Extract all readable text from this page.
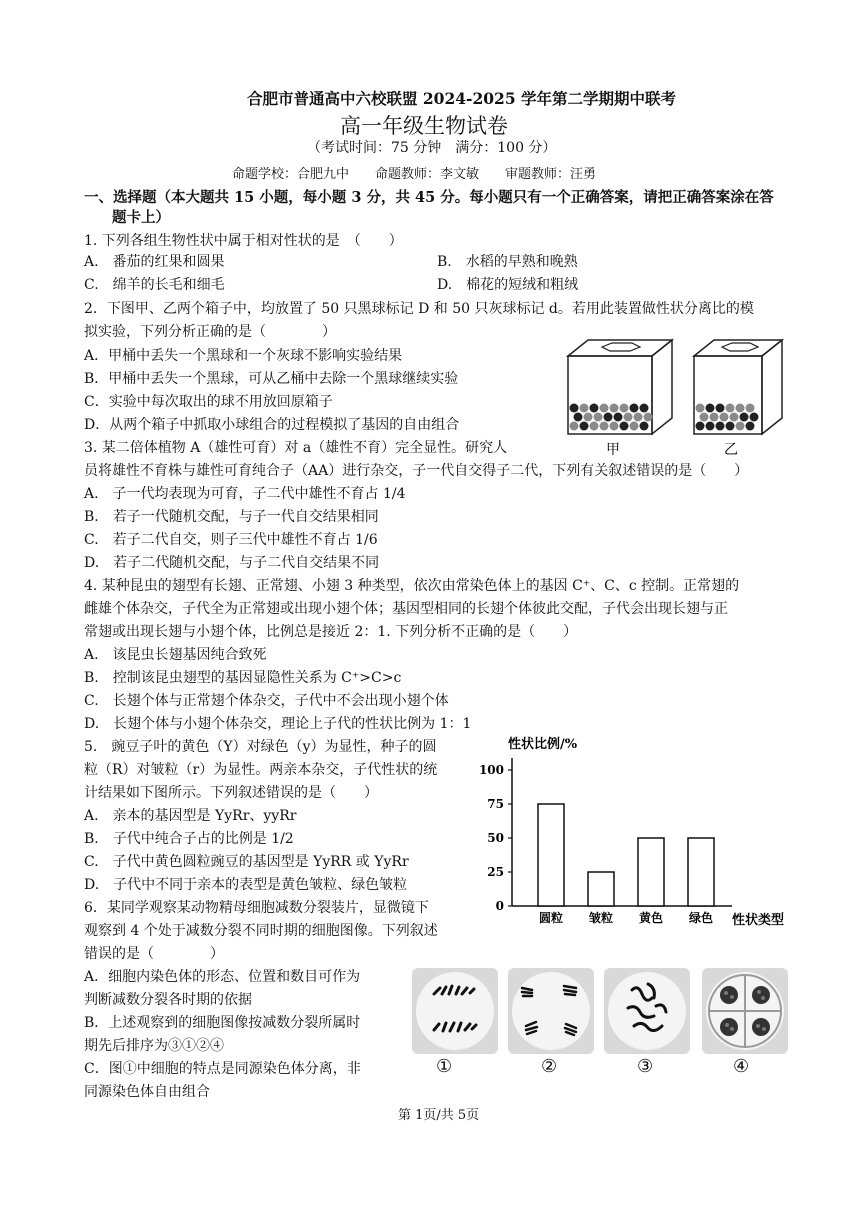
合肥市普通高中六校联盟 2024-2025 学年第二学期期中联考
高一年级生物试卷
（考试时间：75 分钟　满分：100 分）
命题学校：合肥九中　　命题教师：李文敏　　审题教师：汪勇
一、选择题（本大题共 15 小题，每小题 3 分，共 45 分。每小题只有一个正确答案，请把正确答案涂在答
题卡上）
1. 下列各组生物性状中属于相对性状的是　（　　）
A.　番茄的红果和圆果	B.　水稻的早熟和晚熟
C.　绵羊的长毛和细毛	D.　棉花的短绒和粗绒
2．下图甲、乙两个箱子中，均放置了 50 只黑球标记 D 和 50 只灰球标记 d。若用此装置做性状分离比的模
拟实验，下列分析正确的是（　　　　）
A．甲桶中丢失一个黑球和一个灰球不影响实验结果
B．甲桶中丢失一个黑球，可从乙桶中去除一个黑球继续实验
C．实验中每次取出的球不用放回原箱子
D．从两个箱子中抓取小球组合的过程模拟了基因的自由组合
甲	乙
3. 某二倍体植物 A（雄性可育）对 a（雄性不育）完全显性。研究人
员将雄性不育株与雄性可育纯合子（AA）进行杂交，子一代自交得子二代，下列有关叙述错误的是（　　）
A.　子一代均表现为可育，子二代中雄性不育占 1/4
B.　若子一代随机交配，与子一代自交结果相同
C.　若子二代自交，则子三代中雄性不育占 1/6
D.　若子二代随机交配，与子二代自交结果不同
4. 某种昆虫的翅型有长翅、正常翅、小翅 3 种类型，依次由常染色体上的基因 C⁺、C、c 控制。正常翅的
雌雄个体杂交，子代全为正常翅或出现小翅个体；基因型相同的长翅个体彼此交配，子代会出现长翅与正
常翅或出现长翅与小翅个体，比例总是接近 2：1. 下列分析不正确的是（　　）
A.　该昆虫长翅基因纯合致死
B.　控制该昆虫翅型的基因显隐性关系为 C⁺>C>c
C.　长翅个体与正常翅个体杂交，子代中不会出现小翅个体
D.　长翅个体与小翅个体杂交，理论上子代的性状比例为 1：1
5.　豌豆子叶的黄色（Y）对绿色（y）为显性，种子的圆
粒（R）对皱粒（r）为显性。两亲本杂交，子代性状的统
计结果如下图所示。下列叙述错误的是（　　）
A.　亲本的基因型是 YyRr、yyRr
B.　子代中纯合子占的比例是 1/2
C.　子代中黄色圆粒豌豆的基因型是 YyRR 或 YyRr
D.　子代中不同于亲本的表型是黄色皱粒、绿色皱粒
性状比例/%
性状类型
100
75
50
25
0
圆粒 皱粒 黄色 绿色
6．某同学观察某动物精母细胞减数分裂装片，显微镜下
观察到 4 个处于减数分裂不同时期的细胞图像。下列叙述
错误的是（　　　　）
A．细胞内染色体的形态、位置和数目可作为
判断减数分裂各时期的依据
B．上述观察到的细胞图像按减数分裂所属时
期先后排序为③①②④
C．图①中细胞的特点是同源染色体分离，非
同源染色体自由组合
①	②	③	④
第 1页/共 5页
